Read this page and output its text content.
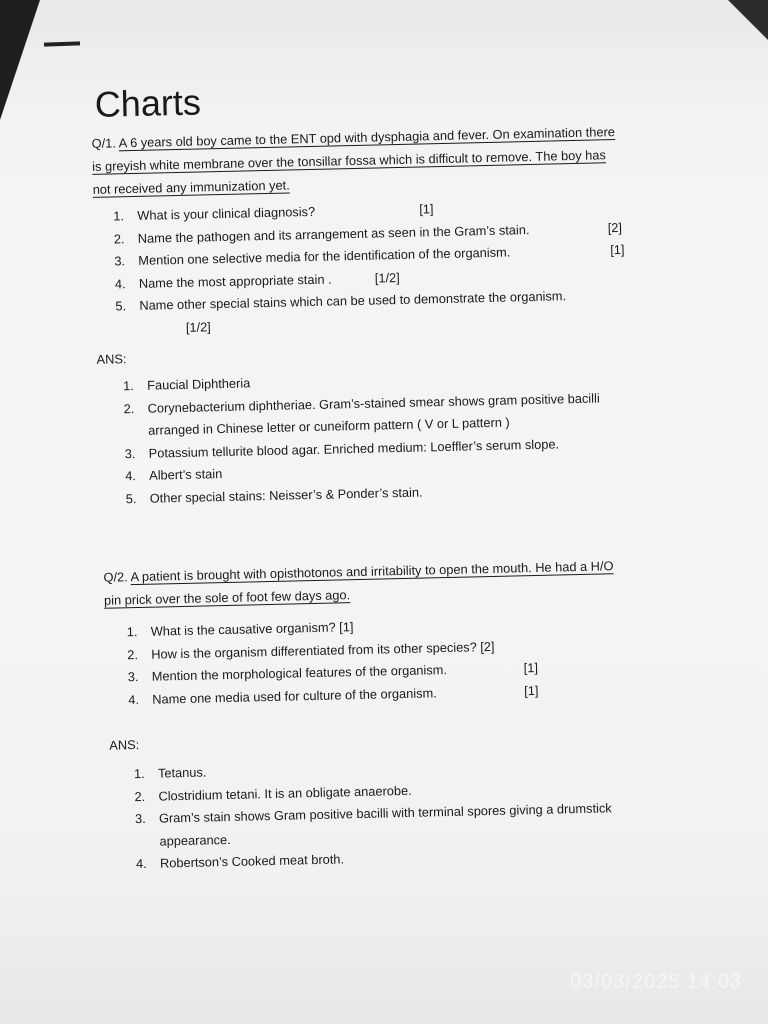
Charts
Q/1. A 6 years old boy came to the ENT opd with dysphagia and fever. On examination there
is greyish white membrane over the tonsillar fossa which is difficult to remove. The boy has
not received any immunization yet.
1. What is your clinical diagnosis?	[1]
2. Name the pathogen and its arrangement as seen in the Gram’s stain.	[2]
3. Mention one selective media for the identification of the organism.	[1]
4. Name the most appropriate stain .	[1/2]
5. Name other special stains which can be used to demonstrate the organism.
[1/2]
ANS:
1. Faucial Diphtheria
2. Corynebacterium diphtheriae. Gram’s-stained smear shows gram positive bacilli
arranged in Chinese letter or cuneiform pattern ( V or L pattern )
3. Potassium tellurite blood agar. Enriched medium: Loeffler’s serum slope.
4. Albert’s stain
5. Other special stains: Neisser’s & Ponder’s stain.
Q/2. A patient is brought with opisthotonos and irritability to open the mouth. He had a H/O
pin prick over the sole of foot few days ago.
1. What is the causative organism? [1]
2. How is the organism differentiated from its other species? [2]
3. Mention the morphological features of the organism.	[1]
4. Name one media used for culture of the organism.	[1]
ANS:
1. Tetanus.
2. Clostridium tetani. It is an obligate anaerobe.
3. Gram’s stain shows Gram positive bacilli with terminal spores giving a drumstick
appearance.
4. Robertson’s Cooked meat broth.
03/03/2025 14:03
